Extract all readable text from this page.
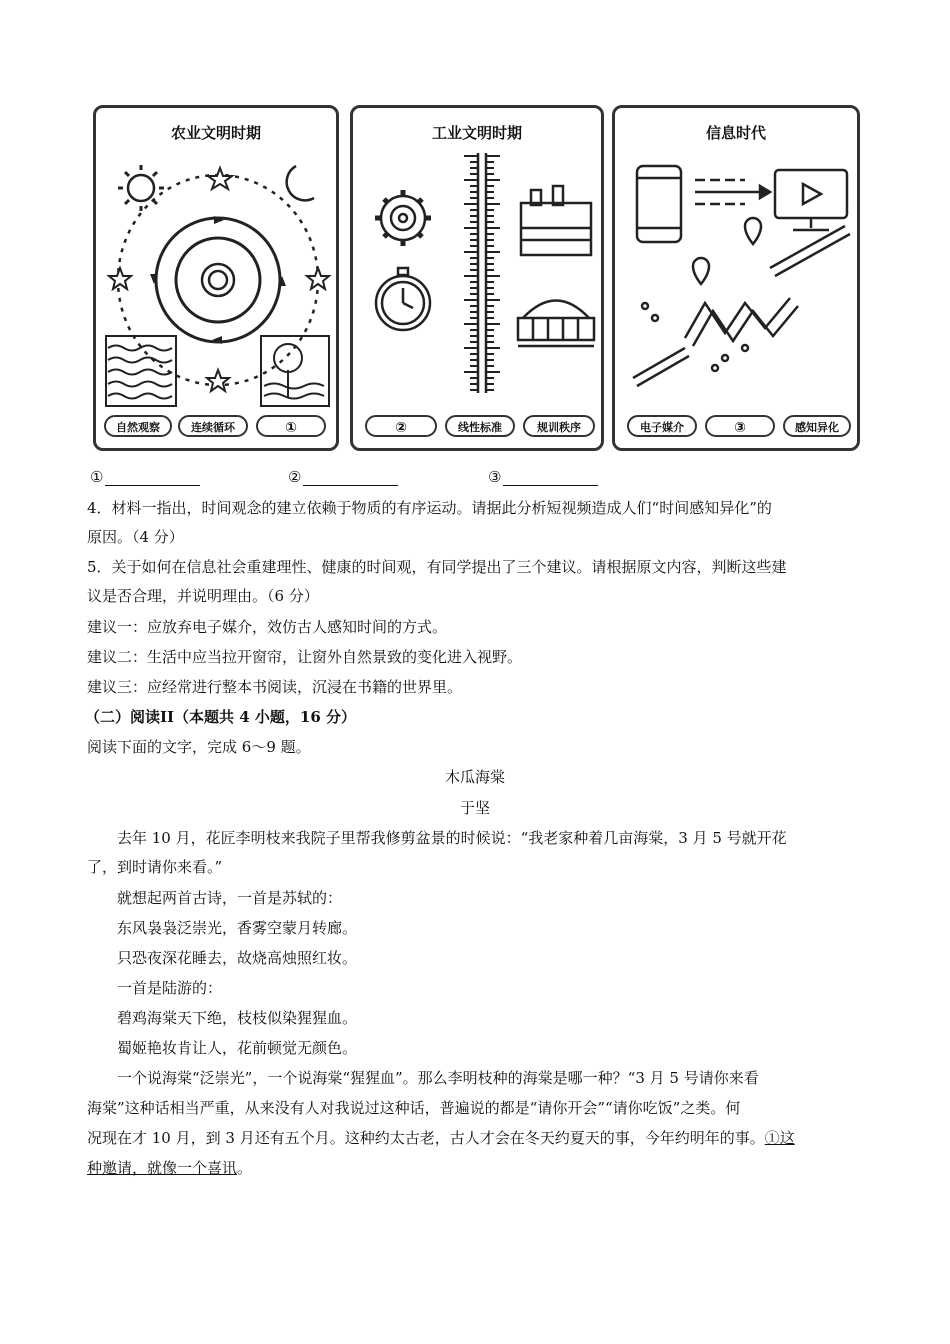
农业文明时期
自然观察	连续循环	①
工业文明时期
②	线性标准	规训秩序
信息时代
电子媒介	③	感知异化
①	②	③
4．材料一指出，时间观念的建立依赖于物质的有序运动。请据此分析短视频造成人们“时间感知异化”的
原因。（4 分）
5．关于如何在信息社会重建理性、健康的时间观，有同学提出了三个建议。请根据原文内容，判断这些建
议是否合理，并说明理由。（6 分）
建议一：应放弃电子媒介，效仿古人感知时间的方式。
建议二：生活中应当拉开窗帘，让窗外自然景致的变化进入视野。
建议三：应经常进行整本书阅读，沉浸在书籍的世界里。
（二）阅读II（本题共 4 小题，16 分）
阅读下面的文字，完成 6～9 题。
木瓜海棠
于坚
去年 10 月，花匠李明枝来我院子里帮我修剪盆景的时候说：“我老家种着几亩海棠，3 月 5 号就开花
了，到时请你来看。”
就想起两首古诗，一首是苏轼的：
东风袅袅泛崇光，香雾空蒙月转廊。
只恐夜深花睡去，故烧高烛照红妆。
一首是陆游的：
碧鸡海棠天下绝，枝枝似染猩猩血。
蜀姬艳妆肯让人，花前顿觉无颜色。
一个说海棠“泛崇光”，一个说海棠“猩猩血”。那么李明枝种的海棠是哪一种？“3 月 5 号请你来看
海棠”这种话相当严重，从来没有人对我说过这种话，普遍说的都是“请你开会”“请你吃饭”之类。何
况现在才 10 月，到 3 月还有五个月。这种约太古老，古人才会在冬天约夏天的事，今年约明年的事。①这
种邀请，就像一个喜讯。
